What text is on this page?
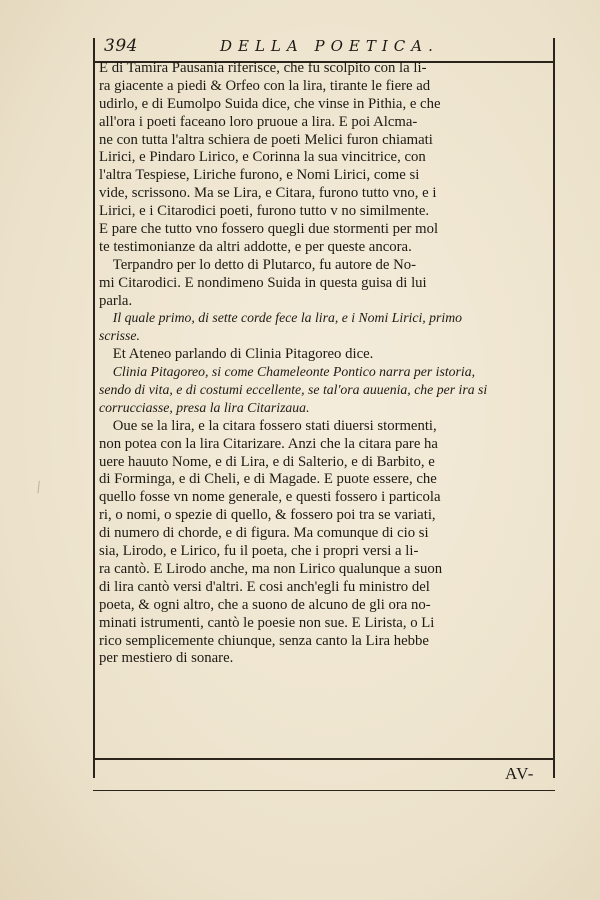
394	DELLA POETICA.
E di Tamira Pausania riferisce, che fu scolpito con la li-
ra giacente a piedi & Orfeo con la lira, tirante le fiere ad
udirlo, e di Eumolpo Suida dice, che vinse in Pithia, e che
all'ora i poeti faceano loro pruoue a lira. E poi Alcma-
ne con tutta l'altra schiera de poeti Melici furon chiamati
Lirici, e Pindaro Lirico, e Corinna la sua vincitrice, con
l'altra Tespiese, Liriche furono, e Nomi Lirici, come si
vide, scrissono. Ma se Lira, e Citara, furono tutto vno, e i
Lirici, e i Citarodici poeti, furono tutto v no similmente.
E pare che tutto vno fossero quegli due stormenti per mol
te testimonianze da altri addotte, e per queste ancora.
Terpandro per lo detto di Plutarco, fu autore de No-
mi Citarodici. E nondimeno Suida in questa guisa di lui
parla.
Il quale primo, di sette corde fece la lira, e i Nomi Lirici, primo
scrisse.
Et Ateneo parlando di Clinia Pitagoreo dice.
Clinia Pitagoreo, si come Chameleonte Pontico narra per istoria,
sendo di vita, e di costumi eccellente, se tal'ora auuenia, che per ira si
corrucciasse, presa la lira Citarizaua.
Oue se la lira, e la citara fossero stati diuersi stormenti,
non potea con la lira Citarizare. Anzi che la citara pare ha
uere hauuto Nome, e di Lira, e di Salterio, e di Barbito, e
di Forminga, e di Cheli, e di Magade. E puote essere, che
quello fosse vn nome generale, e questi fossero i particola
ri, o nomi, o spezie di quello, & fossero poi tra se variati,
di numero di chorde, e di figura. Ma comunque di cio si
sia, Lirodo, e Lirico, fu il poeta, che i propri versi a li-
ra cantò. E Lirodo anche, ma non Lirico qualunque a suon
di lira cantò versi d'altri. E cosi anch'egli fu ministro del
poeta, & ogni altro, che a suono de alcuno de gli ora no-
minati istrumenti, cantò le poesie non sue. E Lirista, o Li
rico semplicemente chiunque, senza canto la Lira hebbe
per mestiero di sonare.
AV-
⁄
